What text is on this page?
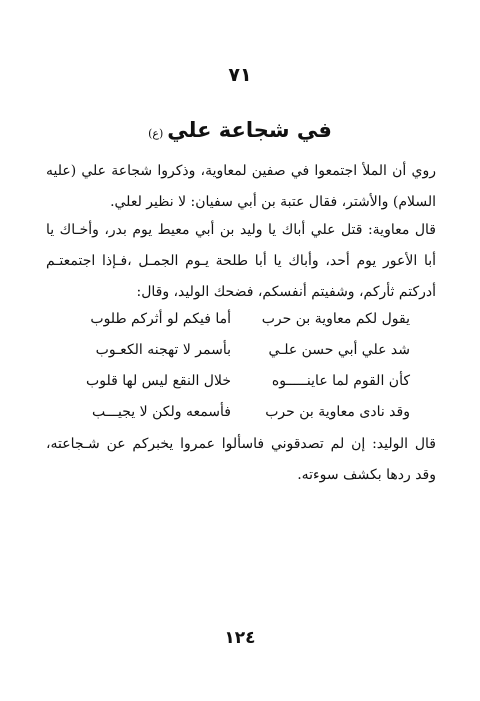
٧١
في شجاعة علي(ع)
روي أن الملأ اجتمعوا في صفين لمعاوية، وذكروا شجاعة علي (عليه السلام) والأشتر، فقال عتبة بن أبي سفيان: لا نظير لعلي.
قال معاوية: قتل علي أباك يا وليد بن أبي معيط يوم بدر، وأخـاك يا أبا الأعور يوم أحد، وأباك يا أبا طلحة يـوم الجمـل ،فـإذا اجتمعتـم أدركتم ثأركم، وشفيتم أنفسكم، فضحك الوليد، وقال:
يقول لكم معاوية بن حرب
أما فيكم لو أثركم طلوب
شد علي أبي حسن علـي
بأسمر لا تهجنه الكعـوب
كأن القوم لما عاينـــــوه
خلال النقع ليس لها قلوب
وقد نادى معاوية بن حرب
فأسمعه ولكن لا يجيـــب
قال الوليد: إن لم تصدقوني فاسألوا عمروا يخبركم عن شـجاعته، وقد ردها بكشف سوءته.
١٢٤
